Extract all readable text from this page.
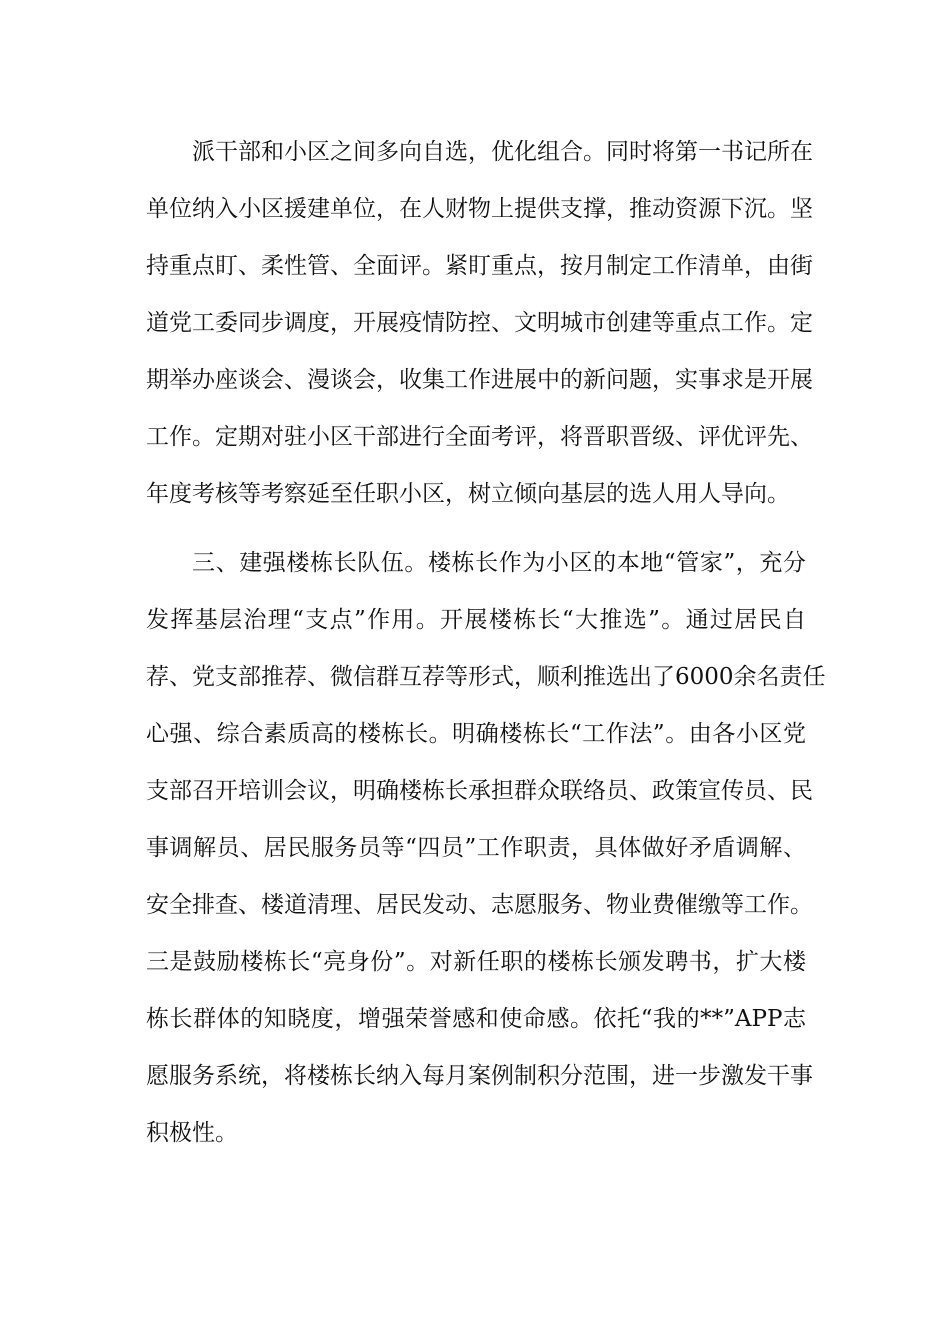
派干部和小区之间多向自选，优化组合。同时将第一书记所在
单位纳入小区援建单位，在人财物上提供支撑，推动资源下沉。坚
持重点盯、柔性管、全面评。紧盯重点，按月制定工作清单，由街
道党工委同步调度，开展疫情防控、文明城市创建等重点工作。定
期举办座谈会、漫谈会，收集工作进展中的新问题，实事求是开展
工作。定期对驻小区干部进行全面考评，将晋职晋级、评优评先、
年度考核等考察延至任职小区，树立倾向基层的选人用人导向。
三、建强楼栋长队伍。楼栋长作为小区的本地“管家”，充分
发挥基层治理“支点”作用。开展楼栋长“大推选”。通过居民自
荐、党支部推荐、微信群互荐等形式，顺利推选出了6000余名责任
心强、综合素质高的楼栋长。明确楼栋长“工作法”。由各小区党
支部召开培训会议，明确楼栋长承担群众联络员、政策宣传员、民
事调解员、居民服务员等“四员”工作职责，具体做好矛盾调解、
安全排查、楼道清理、居民发动、志愿服务、物业费催缴等工作。
三是鼓励楼栋长“亮身份”。对新任职的楼栋长颁发聘书，扩大楼
栋长群体的知晓度，增强荣誉感和使命感。依托“我的**”APP志
愿服务系统，将楼栋长纳入每月案例制积分范围，进一步激发干事
积极性。
